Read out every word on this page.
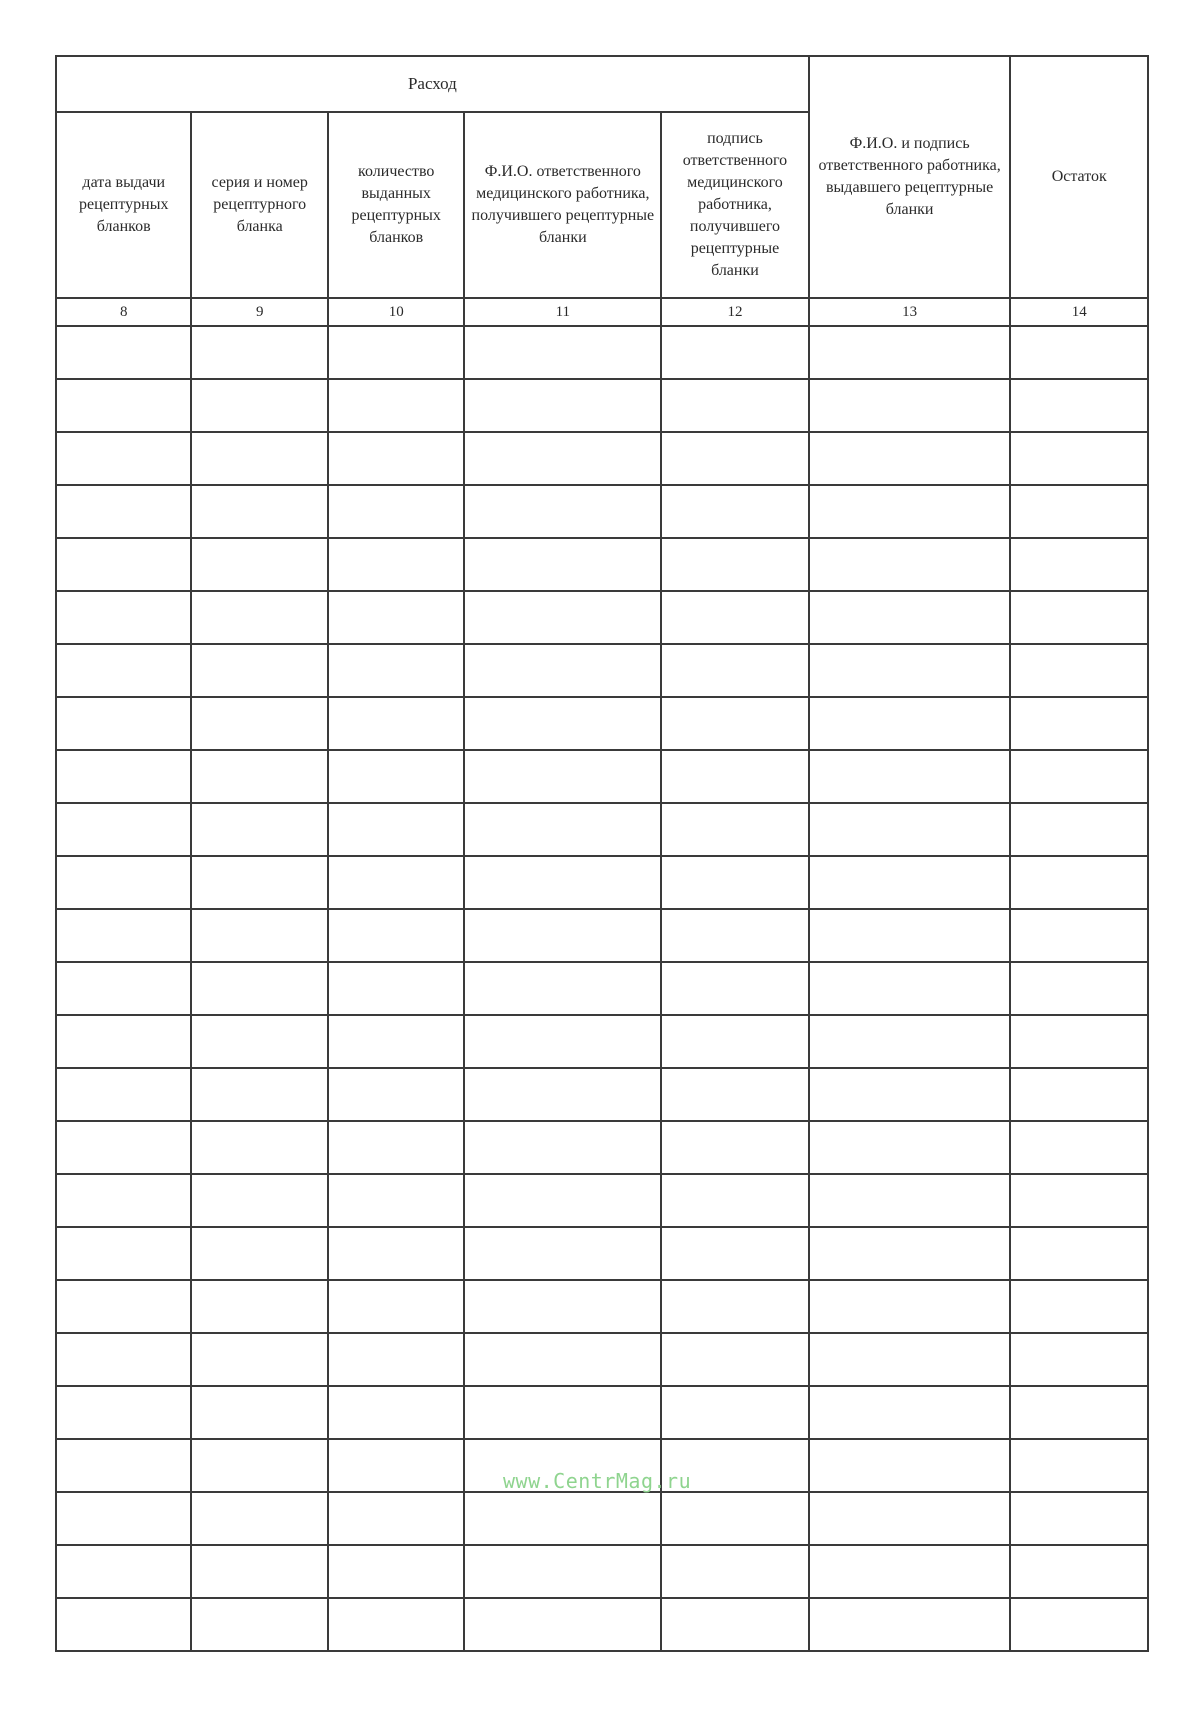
Расход					Ф.И.О. и подпись ответственного работника, выдавшего рецептурные бланки	Остаток
дата выдачи рецептурных бланков	серия и номер рецептурного бланка	количество выданных рецептурных бланков	Ф.И.О. ответственного медицинского работника, получившего рецептурные бланки	подпись ответственного медицинского работника, получившего рецептурные бланки		
8	9	10	11	12	13	14

www.CentrMag.ru
